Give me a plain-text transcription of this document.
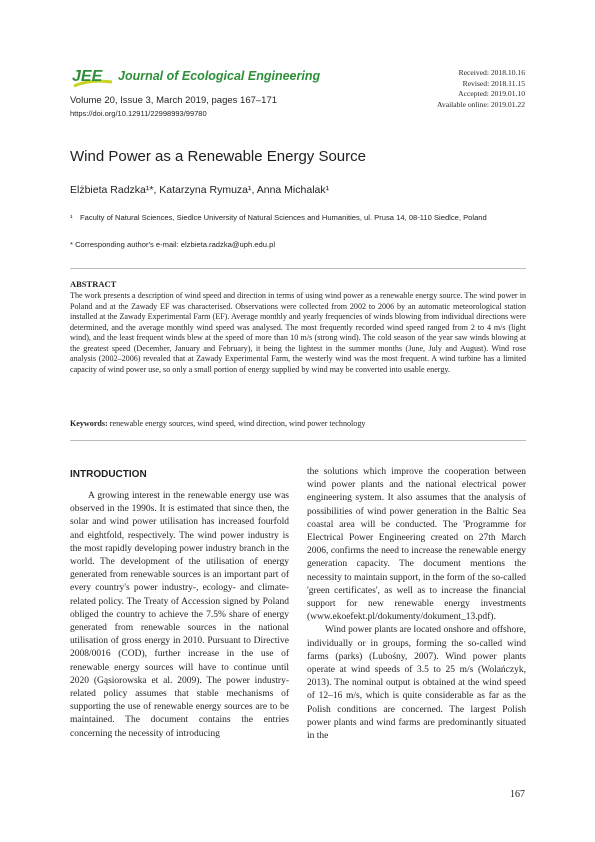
JEE Journal of Ecological Engineering
Volume 20, Issue 3, March 2019, pages 167–171
https://doi.org/10.12911/22998993/99780
Received: 2018.10.16
Revised: 2018.11.15
Accepted: 2019.01.10
Available online: 2019.01.22
Wind Power as a Renewable Energy Source
Elżbieta Radzka¹*, Katarzyna Rymuza¹, Anna Michalak¹
¹ Faculty of Natural Sciences, Siedlce University of Natural Sciences and Humanities, ul. Prusa 14, 08-110 Siedlce, Poland
* Corresponding author's e-mail: elzbieta.radzka@uph.edu.pl
ABSTRACT
The work presents a description of wind speed and direction in terms of using wind power as a renewable energy source. The wind power in Poland and at the Zawady EF was characterised. Observations were collected from 2002 to 2006 by an automatic meteorological station installed at the Zawady Experimental Farm (EF). Average monthly and yearly frequencies of winds blowing from individual directions were determined, and the average monthly wind speed was analysed. The most frequently recorded wind speed ranged from 2 to 4 m/s (light wind), and the least frequent winds blew at the speed of more than 10 m/s (strong wind). The cold season of the year saw winds blowing at the greatest speed (December, January and February), it being the lightest in the summer months (June, July and August). Wind rose analysis (2002–2006) revealed that at Zawady Experimental Farm, the westerly wind was the most frequent. A wind turbine has a limited capacity of wind power use, so only a small portion of energy supplied by wind may be converted into usable energy.
Keywords: renewable energy sources, wind speed, wind direction, wind power technology
INTRODUCTION

A growing interest in the renewable energy use was observed in the 1990s. It is estimated that since then, the solar and wind power utilisation has increased fourfold and eightfold, respectively. The wind power industry is the most rapidly developing power industry branch in the world. The development of the utilisation of energy generated from renewable sources is an important part of every country's power industry-, ecology- and climate-related policy. The Treaty of Accession signed by Poland obliged the country to achieve the 7.5% share of energy generated from renewable sources in the national utilisation of gross energy in 2010. Pursuant to Directive 2008/0016 (COD), further increase in the use of renewable energy sources will have to continue until 2020 (Gąsiorowska et al. 2009). The power industry-related policy assumes that stable mechanisms of supporting the use of renewable energy sources are to be maintained. The document contains the entries concerning the necessity of introducing

the solutions which improve the cooperation between wind power plants and the national electrical power engineering system. It also assumes that the analysis of possibilities of wind power generation in the Baltic Sea coastal area will be conducted. The 'Programme for Electrical Power Engineering created on 27th March 2006, confirms the need to increase the renewable energy generation capacity. The document mentions the necessity to maintain support, in the form of the so-called 'green certificates', as well as to increase the financial support for new renewable energy investments (www.ekoefekt.pl/dokumenty/dokument_13.pdf).

Wind power plants are located onshore and offshore, individually or in groups, forming the so-called wind farms (parks) (Lubośny, 2007). Wind power plants operate at wind speeds of 3.5 to 25 m/s (Wolańczyk, 2013). The nominal output is obtained at the wind speed of 12–16 m/s, which is quite considerable as far as the Polish conditions are concerned. The largest Polish power plants and wind farms are predominantly situated in the

167
